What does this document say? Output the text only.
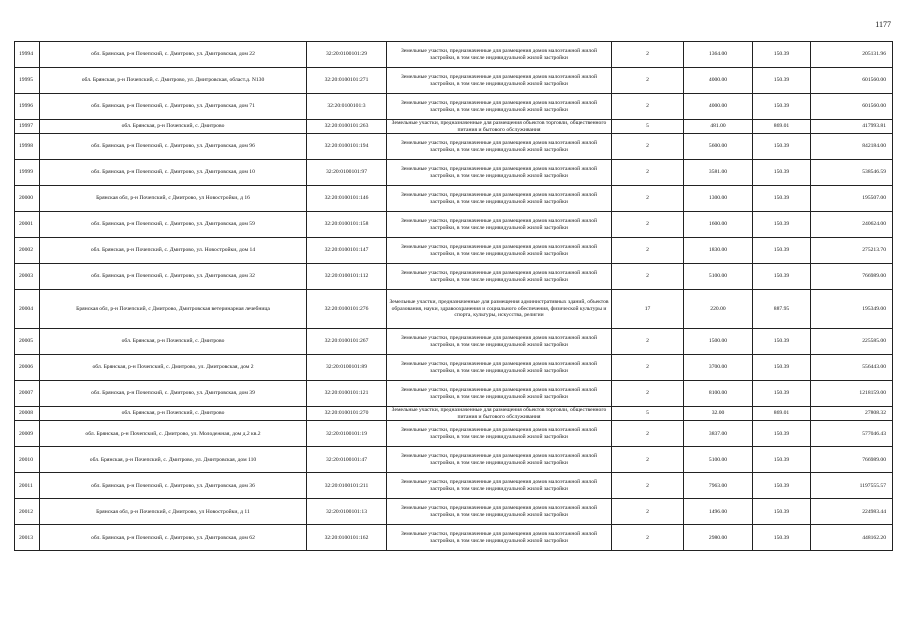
1177
19994	обл. Брянская, р-н Почепский, с. Дмитрово, ул. Дмитровская, дом 22	32:20:0100101:29	Земельные участки, предназначенные для размещения домов малоэтажной жилой застройки, в том числе индивидуальной жилой застройки	2	1364.00	150.39	205131.96
19995	обл. Брянская, р-н Почепский, с. Дмитрово, ул. Дмитровская, област.д. N130	32:20:0100101:271	Земельные участки, предназначенные для размещения домов малоэтажной жилой застройки, в том числе индивидуальной жилой застройки	2	4000.00	150.39	601560.00
19996	обл. Брянская, р-н Почепский, с. Дмитрово, ул. Дмитровская, дом 71	32:20:0100101:3	Земельные участки, предназначенные для размещения домов малоэтажной жилой застройки, в том числе индивидуальной жилой застройки	2	4000.00	150.39	601560.00
19997	обл. Брянская, р-н Почепский, с. Дмитрово	32:20:0100101:263	Земельные участки, предназначенные для размещения объектов торговли, общественного питания и бытового обслуживания	5	481.00	869.01	417993.81
19998	обл. Брянская, р-н Почепский, с. Дмитрово, ул. Дмитровская, дом 96	32:20:0100101:194	Земельные участки, предназначенные для размещения домов малоэтажной жилой застройки, в том числе индивидуальной жилой застройки	2	5600.00	150.39	842184.00
19999	обл. Брянская, р-н Почепский, с. Дмитрово, ул. Дмитровская, дом 10	32:20:0100101:97	Земельные участки, предназначенные для размещения домов малоэтажной жилой застройки, в том числе индивидуальной жилой застройки	2	3581.00	150.39	538546.59
20000	Брянская обл, р-н Почепский, с Дмитрово, ул Новостройки, д 16	32:20:0100101:146	Земельные участки, предназначенные для размещения домов малоэтажной жилой застройки, в том числе индивидуальной жилой застройки	2	1300.00	150.39	195507.00
20001	обл. Брянская, р-н Почепский, с. Дмитрово, ул. Дмитровская, дом 59	32:20:0100101:158	Земельные участки, предназначенные для размещения домов малоэтажной жилой застройки, в том числе индивидуальной жилой застройки	2	1600.00	150.39	240624.00
20002	обл. Брянская, р-н Почепский, с. Дмитрово, ул. Новостройки, дом 14	32:20:0100101:147	Земельные участки, предназначенные для размещения домов малоэтажной жилой застройки, в том числе индивидуальной жилой застройки	2	1830.00	150.39	275213.70
20003	обл. Брянская, р-н Почепский, с. Дмитрово, ул. Дмитровская, дом 32	32:20:0100101:112	Земельные участки, предназначенные для размещения домов малоэтажной жилой застройки, в том числе индивидуальной жилой застройки	2	5100.00	150.39	766989.00
20004	Брянская обл, р-н Почепский, с Дмитрово, Дмитровская ветеринарная лечебница	32:20:0100101:276	Земельные участки, предназначенные для размещения административных зданий, объектов образования, науки, здравоохранения и социального обеспечения, физической культуры и спорта, культуры, искусства, религии	17	220.00	887.95	195349.00
20005	обл. Брянская, р-н Почепский, с. Дмитрово	32:20:0100101:267	Земельные участки, предназначенные для размещения домов малоэтажной жилой застройки, в том числе индивидуальной жилой застройки	2	1500.00	150.39	225585.00
20006	обл. Брянская, р-н Почепский, с. Дмитрово, ул. Дмитровская, дом 2	32:20:0100101:89	Земельные участки, предназначенные для размещения домов малоэтажной жилой застройки, в том числе индивидуальной жилой застройки	2	3700.00	150.39	556443.00
20007	обл. Брянская, р-н Почепский, с. Дмитрово, ул. Дмитровская, дом 39	32:20:0100101:121	Земельные участки, предназначенные для размещения домов малоэтажной жилой застройки, в том числе индивидуальной жилой застройки	2	8100.00	150.39	1218159.00
20008	обл. Брянская, р-н Почепский, с. Дмитрово	32:20:0100101:270	Земельные участки, предназначенные для размещения объектов торговли, общественного питания и бытового обслуживания	5	32.00	869.01	27808.32
20009	обл. Брянская, р-н Почепский, с. Дмитрово, ул. Молодежная, дом д.2 кв.2	32:20:0100101:19	Земельные участки, предназначенные для размещения домов малоэтажной жилой застройки, в том числе индивидуальной жилой застройки	2	3837.00	150.39	577046.43
20010	обл. Брянская, р-н Почепский, с. Дмитрово, ул. Дмитровская, дом 110	32:20:0100101:47	Земельные участки, предназначенные для размещения домов малоэтажной жилой застройки, в том числе индивидуальной жилой застройки	2	5100.00	150.39	766989.00
20011	обл. Брянская, р-н Почепский, с. Дмитрово, ул. Дмитровская, дом 36	32:20:0100101:211	Земельные участки, предназначенные для размещения домов малоэтажной жилой застройки, в том числе индивидуальной жилой застройки	2	7963.00	150.39	1197555.57
20012	Брянская обл, р-н Почепский, с Дмитрово, ул Новостройки, д 11	32:20:0100101:13	Земельные участки, предназначенные для размещения домов малоэтажной жилой застройки, в том числе индивидуальной жилой застройки	2	1496.00	150.39	224983.44
20013	обл. Брянская, р-н Почепский, с. Дмитрово, ул. Дмитровская, дом 62	32:20:0100101:162	Земельные участки, предназначенные для размещения домов малоэтажной жилой застройки, в том числе индивидуальной жилой застройки	2	2980.00	150.39	448162.20
